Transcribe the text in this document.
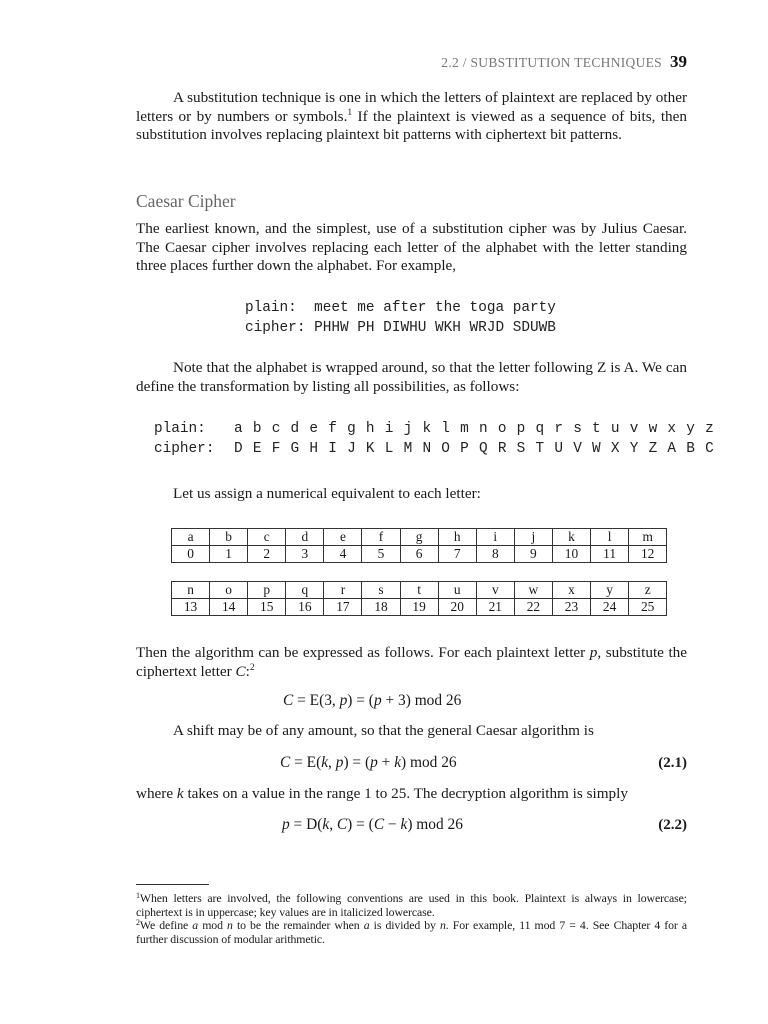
2.2 / SUBSTITUTION TECHNIQUES 39

A substitution technique is one in which the letters of plaintext are replaced by other letters or by numbers or symbols.$^1$ If the plaintext is viewed as a sequence of bits, then substitution involves replacing plaintext bit patterns with ciphertext bit patterns.

Caesar Cipher

The earliest known, and the simplest, use of a substitution cipher was by Julius Caesar. The Caesar cipher involves replacing each letter of the alphabet with the letter standing three places further down the alphabet. For example,

plain: meet me after the toga party
cipher: PHHW PH DIWHU WKH WRJD SDUWB

Note that the alphabet is wrapped around, so that the letter following Z is A. We can define the transformation by listing all possibilities, as follows:

plain:	a b c d e f g h i j k l m n o p q r s t u v w x y z
cipher:	D E F G H I J K L M N O P Q R S T U V W X Y Z A B C

Let us assign a numerical equivalent to each letter:

a	b	c	d	e	f	g	h	i	j	k	l	m
0	1	2	3	4	5	6	7	8	9	10	11	12
n	o	p	q	r	s	t	u	v	w	x	y	z
13	14	15	16	17	18	19	20	21	22	23	24	25

Then the algorithm can be expressed as follows. For each plaintext letter p, substitute the ciphertext letter C:$^2$

C = E(3, p) = (p + 3) mod 26

A shift may be of any amount, so that the general Caesar algorithm is

C = E(k, p) = (p + k) mod 26	(2.1)

where k takes on a value in the range 1 to 25. The decryption algorithm is simply

p = D(k, C) = (C − k) mod 26	(2.2)

$^1$When letters are involved, the following conventions are used in this book. Plaintext is always in lowercase; ciphertext is in uppercase; key values are in italicized lowercase.

$^2$We define a mod n to be the remainder when a is divided by n. For example, 11 mod 7 = 4. See Chapter 4 for a further discussion of modular arithmetic.
